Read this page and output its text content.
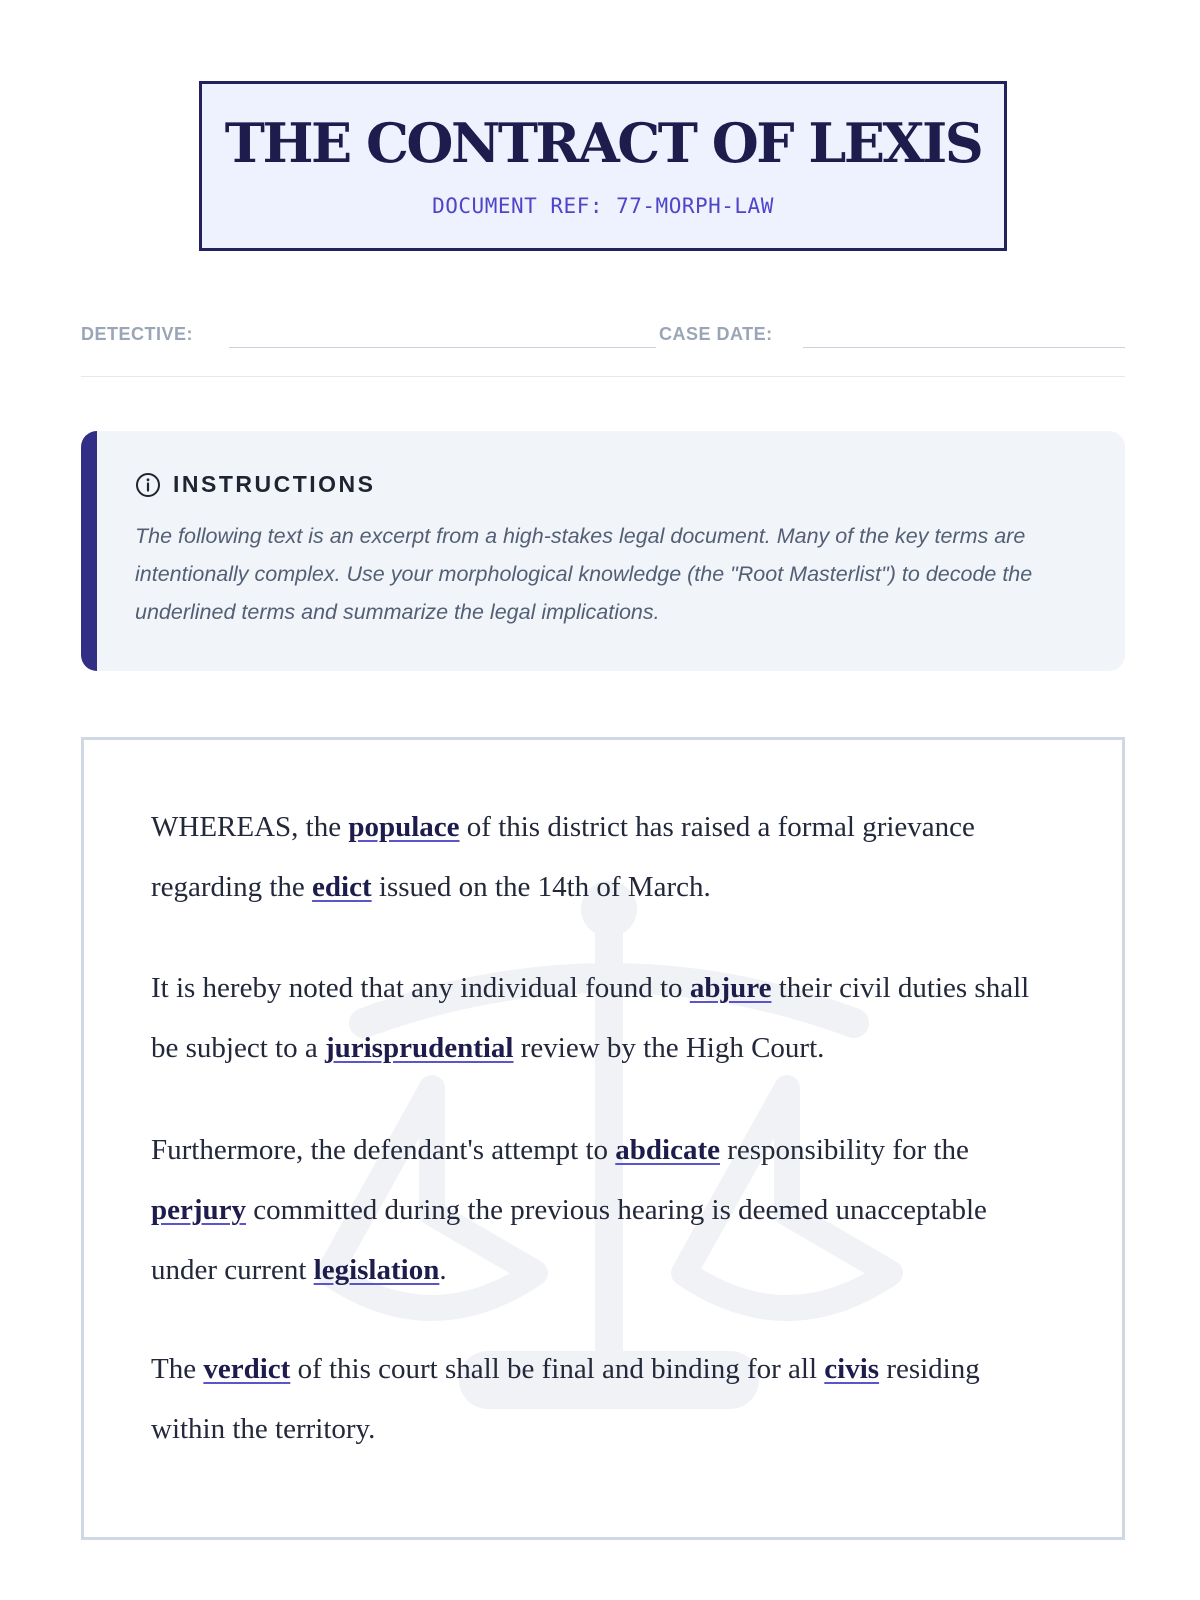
THE CONTRACT OF LEXIS
DOCUMENT REF: 77-MORPH-LAW
DETECTIVE:	CASE DATE:
INSTRUCTIONS
The following text is an excerpt from a high-stakes legal document. Many of the key terms are intentionally complex. Use your morphological knowledge (the "Root Masterlist") to decode the underlined terms and summarize the legal implications.

WHEREAS, the populace of this district has raised a formal grievance regarding the edict issued on the 14th of March.

It is hereby noted that any individual found to abjure their civil duties shall be subject to a jurisprudential review by the High Court.

Furthermore, the defendant's attempt to abdicate responsibility for the perjury committed during the previous hearing is deemed unacceptable under current legislation.

The verdict of this court shall be final and binding for all civis residing within the territory.
